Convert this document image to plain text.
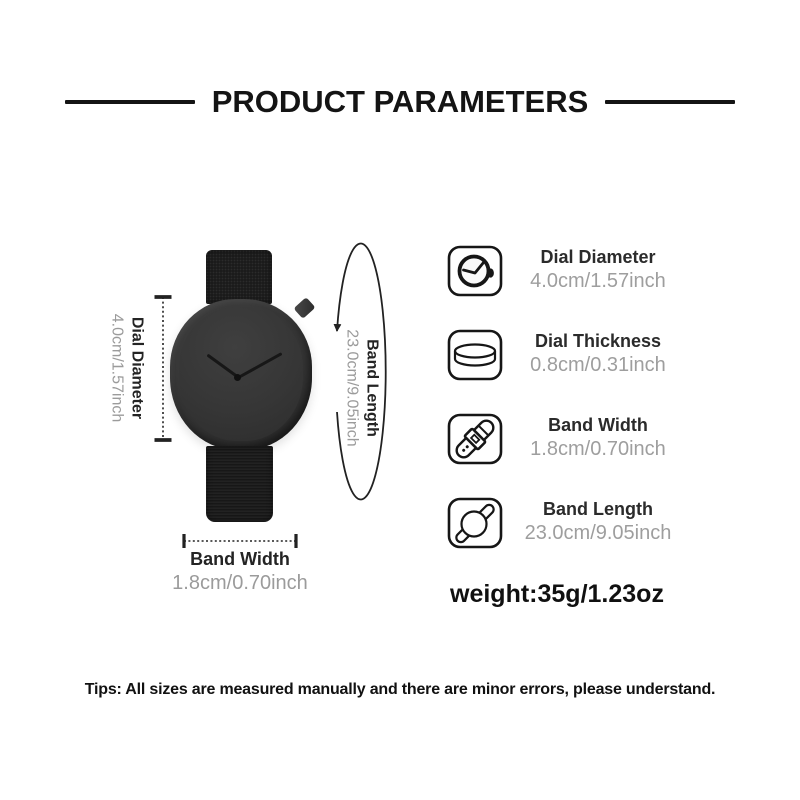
PRODUCT PARAMETERS
Dial Diameter
4.0cm/1.57inch	Band Length
23.0cm/9.05inch
Band Width
1.8cm/0.70inch
Dial Diameter
4.0cm/1.57inch
Dial Thickness
0.8cm/0.31inch
Band Width
1.8cm/0.70inch
Band Length
23.0cm/9.05inch
weight:35g/1.23oz
Tips: All sizes are measured manually and there are minor errors, please understand.
